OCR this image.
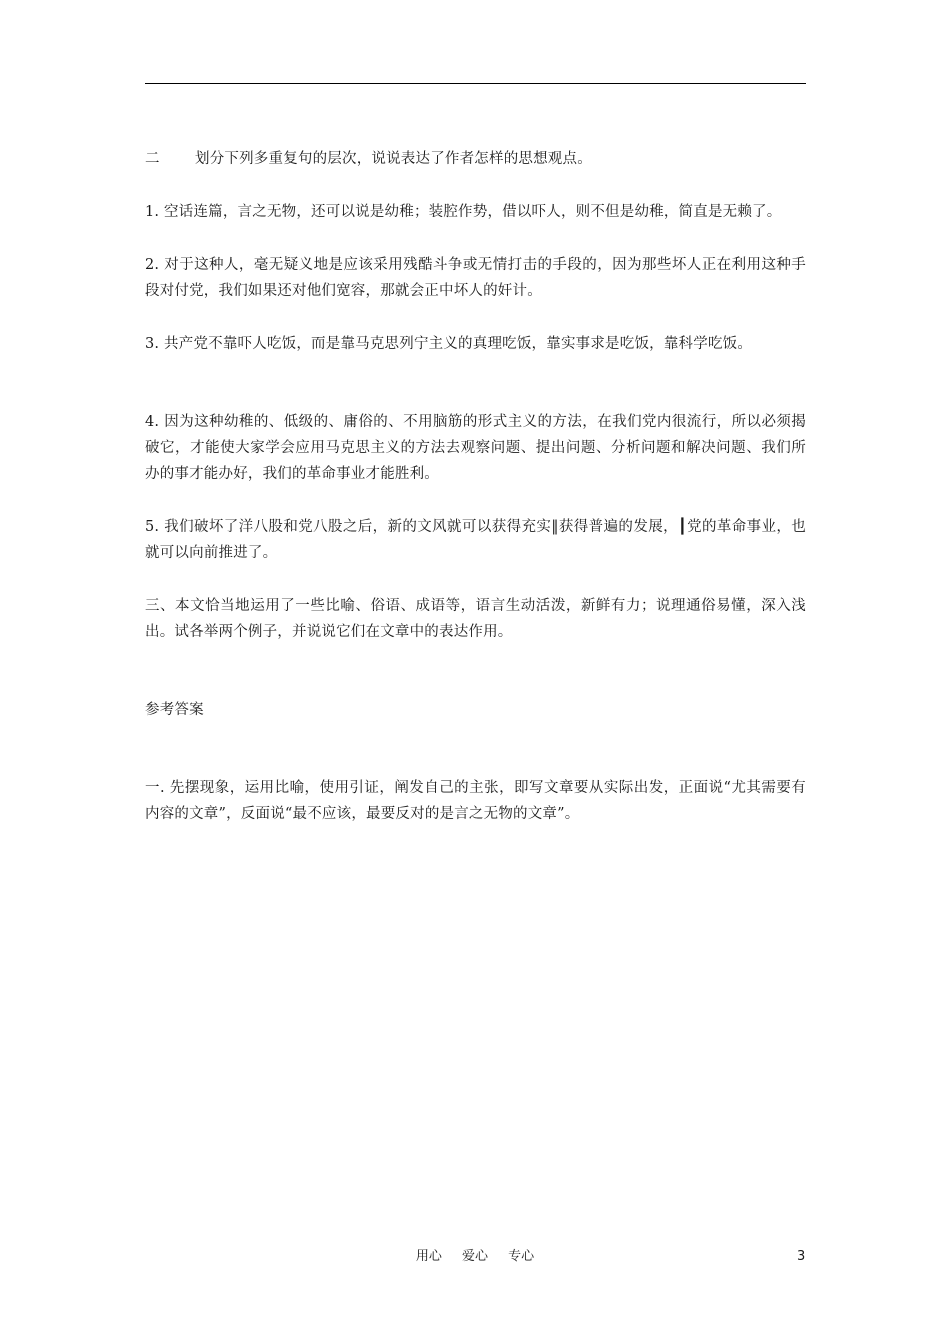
二 划分下列多重复句的层次，说说表达了作者怎样的思想观点。

1. 空话连篇，言之无物，还可以说是幼稚；装腔作势，借以吓人，则不但是幼稚，简直是无赖了。

2. 对于这种人，毫无疑义地是应该采用残酷斗争或无情打击的手段的，因为那些坏人正在利用这种手段对付党，我们如果还对他们宽容，那就会正中坏人的奸计。

3. 共产党不靠吓人吃饭，而是靠马克思列宁主义的真理吃饭，靠实事求是吃饭，靠科学吃饭。

4. 因为这种幼稚的、低级的、庸俗的、不用脑筋的形式主义的方法，在我们党内很流行，所以必须揭破它，才能使大家学会应用马克思主义的方法去观察问题、提出问题、分析问题和解决问题、我们所办的事才能办好，我们的革命事业才能胜利。

5. 我们破坏了洋八股和党八股之后，新的文风就可以获得充实‖获得普遍的发展，┃党的革命事业，也就可以向前推进了。

三、本文恰当地运用了一些比喻、俗语、成语等，语言生动活泼，新鲜有力；说理通俗易懂，深入浅出。试各举两个例子，并说说它们在文章中的表达作用。

参考答案

一. 先摆现象，运用比喻，使用引证，阐发自己的主张，即写文章要从实际出发，正面说“尤其需要有内容的文章”，反面说“最不应该，最要反对的是言之无物的文章”。

用心 爱心 专心	3
